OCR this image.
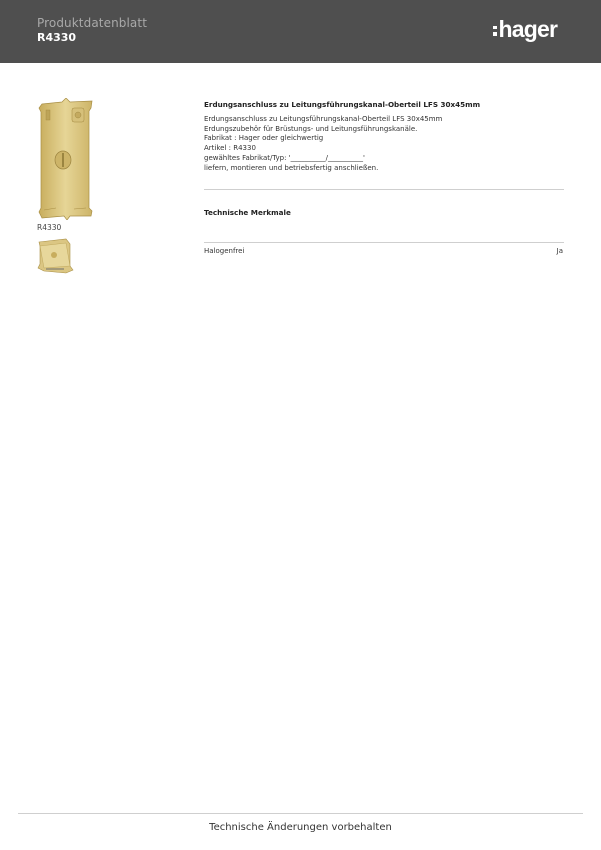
Produktdatenblatt
R4330	hager
R4330
Erdungsanschluss zu Leitungsführungskanal-Oberteil LFS 30x45mm
Erdungsanschluss zu Leitungsführungskanal-Oberteil LFS 30x45mm
Erdungszubehör für Brüstungs- und Leitungsführungskanäle.
Fabrikat : Hager oder gleichwertig
Artikel : R4330
gewähltes Fabrikat/Typ: '__________/__________'
liefern, montieren und betriebsfertig anschließen.
Technische Merkmale
Halogenfrei	Ja
Technische Änderungen vorbehalten
